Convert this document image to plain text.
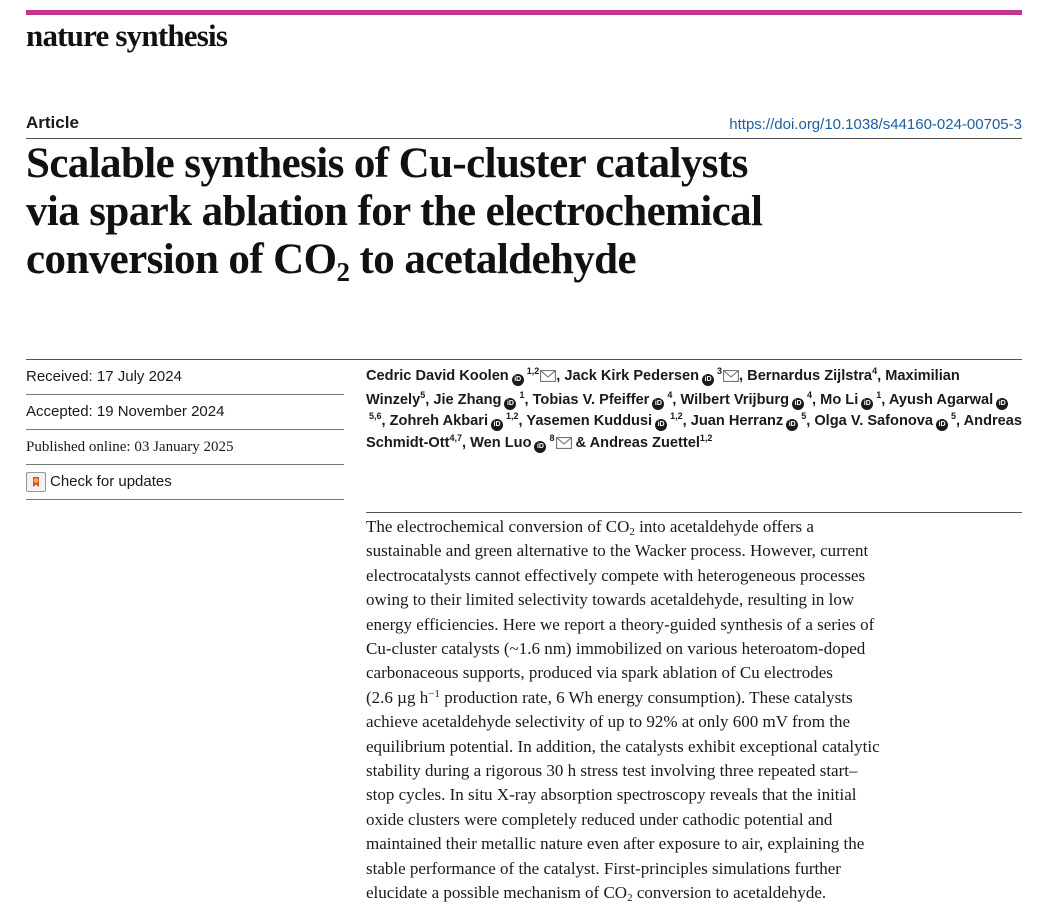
nature synthesis
Article	https://doi.org/10.1038/s44160-024-00705-3
Scalable synthesis of Cu-cluster catalysts
via spark ablation for the electrochemical
conversion of $CO_2$ to acetaldehyde
Received: 17 July 2024
Accepted: 19 November 2024
Published online: 03 January 2025
Check for updates
Cedric David Koolen iD$^{1,2}$ , Jack Kirk Pedersen $iD^3$ , Bernardus Zijlstra$^4$, Maximilian Winzely$^5$, Jie Zhang $iD^1$, Tobias V. Pfeiffer $iD^4$, Wilbert Vrijburg $iD^4$, Mo Li $iD^1$, Ayush Agarwal iD$^{5,6}$, Zohreh Akbari iD$^{1,2}$, Yasemen Kuddusi iD$^{1,2}$, Juan Herranz $iD^5$, Olga V. Safonova $iD^5$, Andreas Schmidt-Ott$^{4,7}$, Wen Luo $iD^8$ & Andreas Zuettel$^{1,2}$

The electrochemical conversion of $CO_2$ into acetaldehyde offers a
sustainable and green alternative to the Wacker process. However, current
electrocatalysts cannot effectively compete with heterogeneous processes
owing to their limited selectivity towards acetaldehyde, resulting in low
energy efficiencies. Here we report a theory-guided synthesis of a series of
Cu-cluster catalysts (~1.6 nm) immobilized on various heteroatom-doped
carbonaceous supports, produced via spark ablation of Cu electrodes
(2.6 µg $h^{-1}$ production rate, 6 Wh energy consumption). These catalysts
achieve acetaldehyde selectivity of up to 92% at only 600 mV from the
equilibrium potential. In addition, the catalysts exhibit exceptional catalytic
stability during a rigorous 30 h stress test involving three repeated start–
stop cycles. In situ X-ray absorption spectroscopy reveals that the initial
oxide clusters were completely reduced under cathodic potential and
maintained their metallic nature even after exposure to air, explaining the
stable performance of the catalyst. First-principles simulations further
elucidate a possible mechanism of $CO_2$ conversion to acetaldehyde.
